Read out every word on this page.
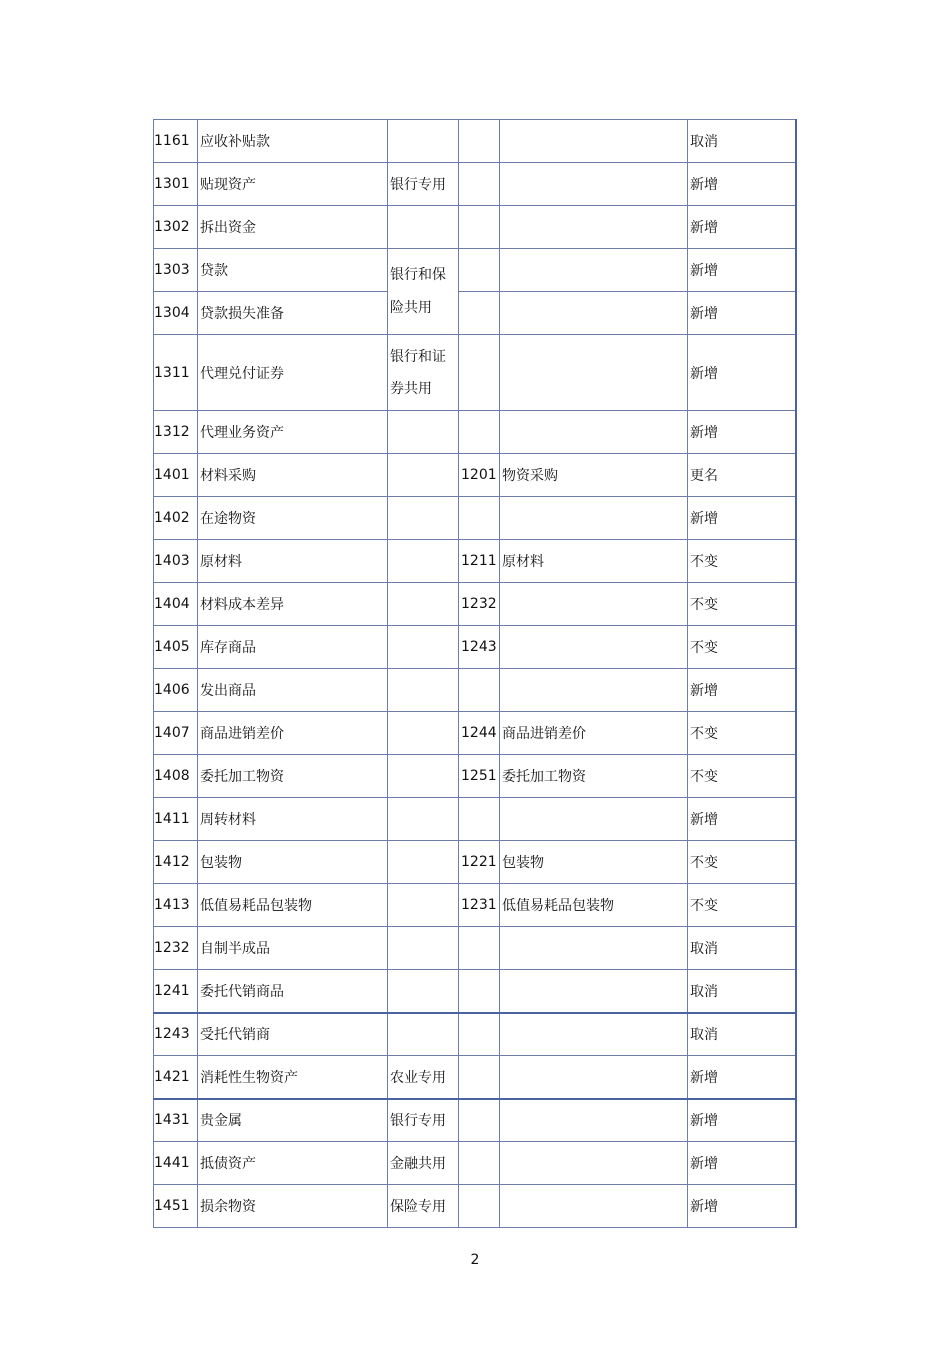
1161	应收补贴款				取消
1301	贴现资产	银行专用			新增
1302	拆出资金				新增
1303	贷款	银行和保险共用			新增
1304	贷款损失准备				新增
1311	代理兑付证券	银行和证券共用			新增
1312	代理业务资产				新增
1401	材料采购		1201	物资采购	更名
1402	在途物资				新增
1403	原材料		1211	原材料	不变
1404	材料成本差异		1232		不变
1405	库存商品		1243		不变
1406	发出商品				新增
1407	商品进销差价		1244	商品进销差价	不变
1408	委托加工物资		1251	委托加工物资	不变
1411	周转材料				新增
1412	包装物		1221	包装物	不变
1413	低值易耗品包装物		1231	低值易耗品包装物	不变
1232	自制半成品				取消
1241	委托代销商品				取消
1243	受托代销商				取消
1421	消耗性生物资产	农业专用			新增
1431	贵金属	银行专用			新增
1441	抵债资产	金融共用			新增
1451	损余物资	保险专用			新增
2
